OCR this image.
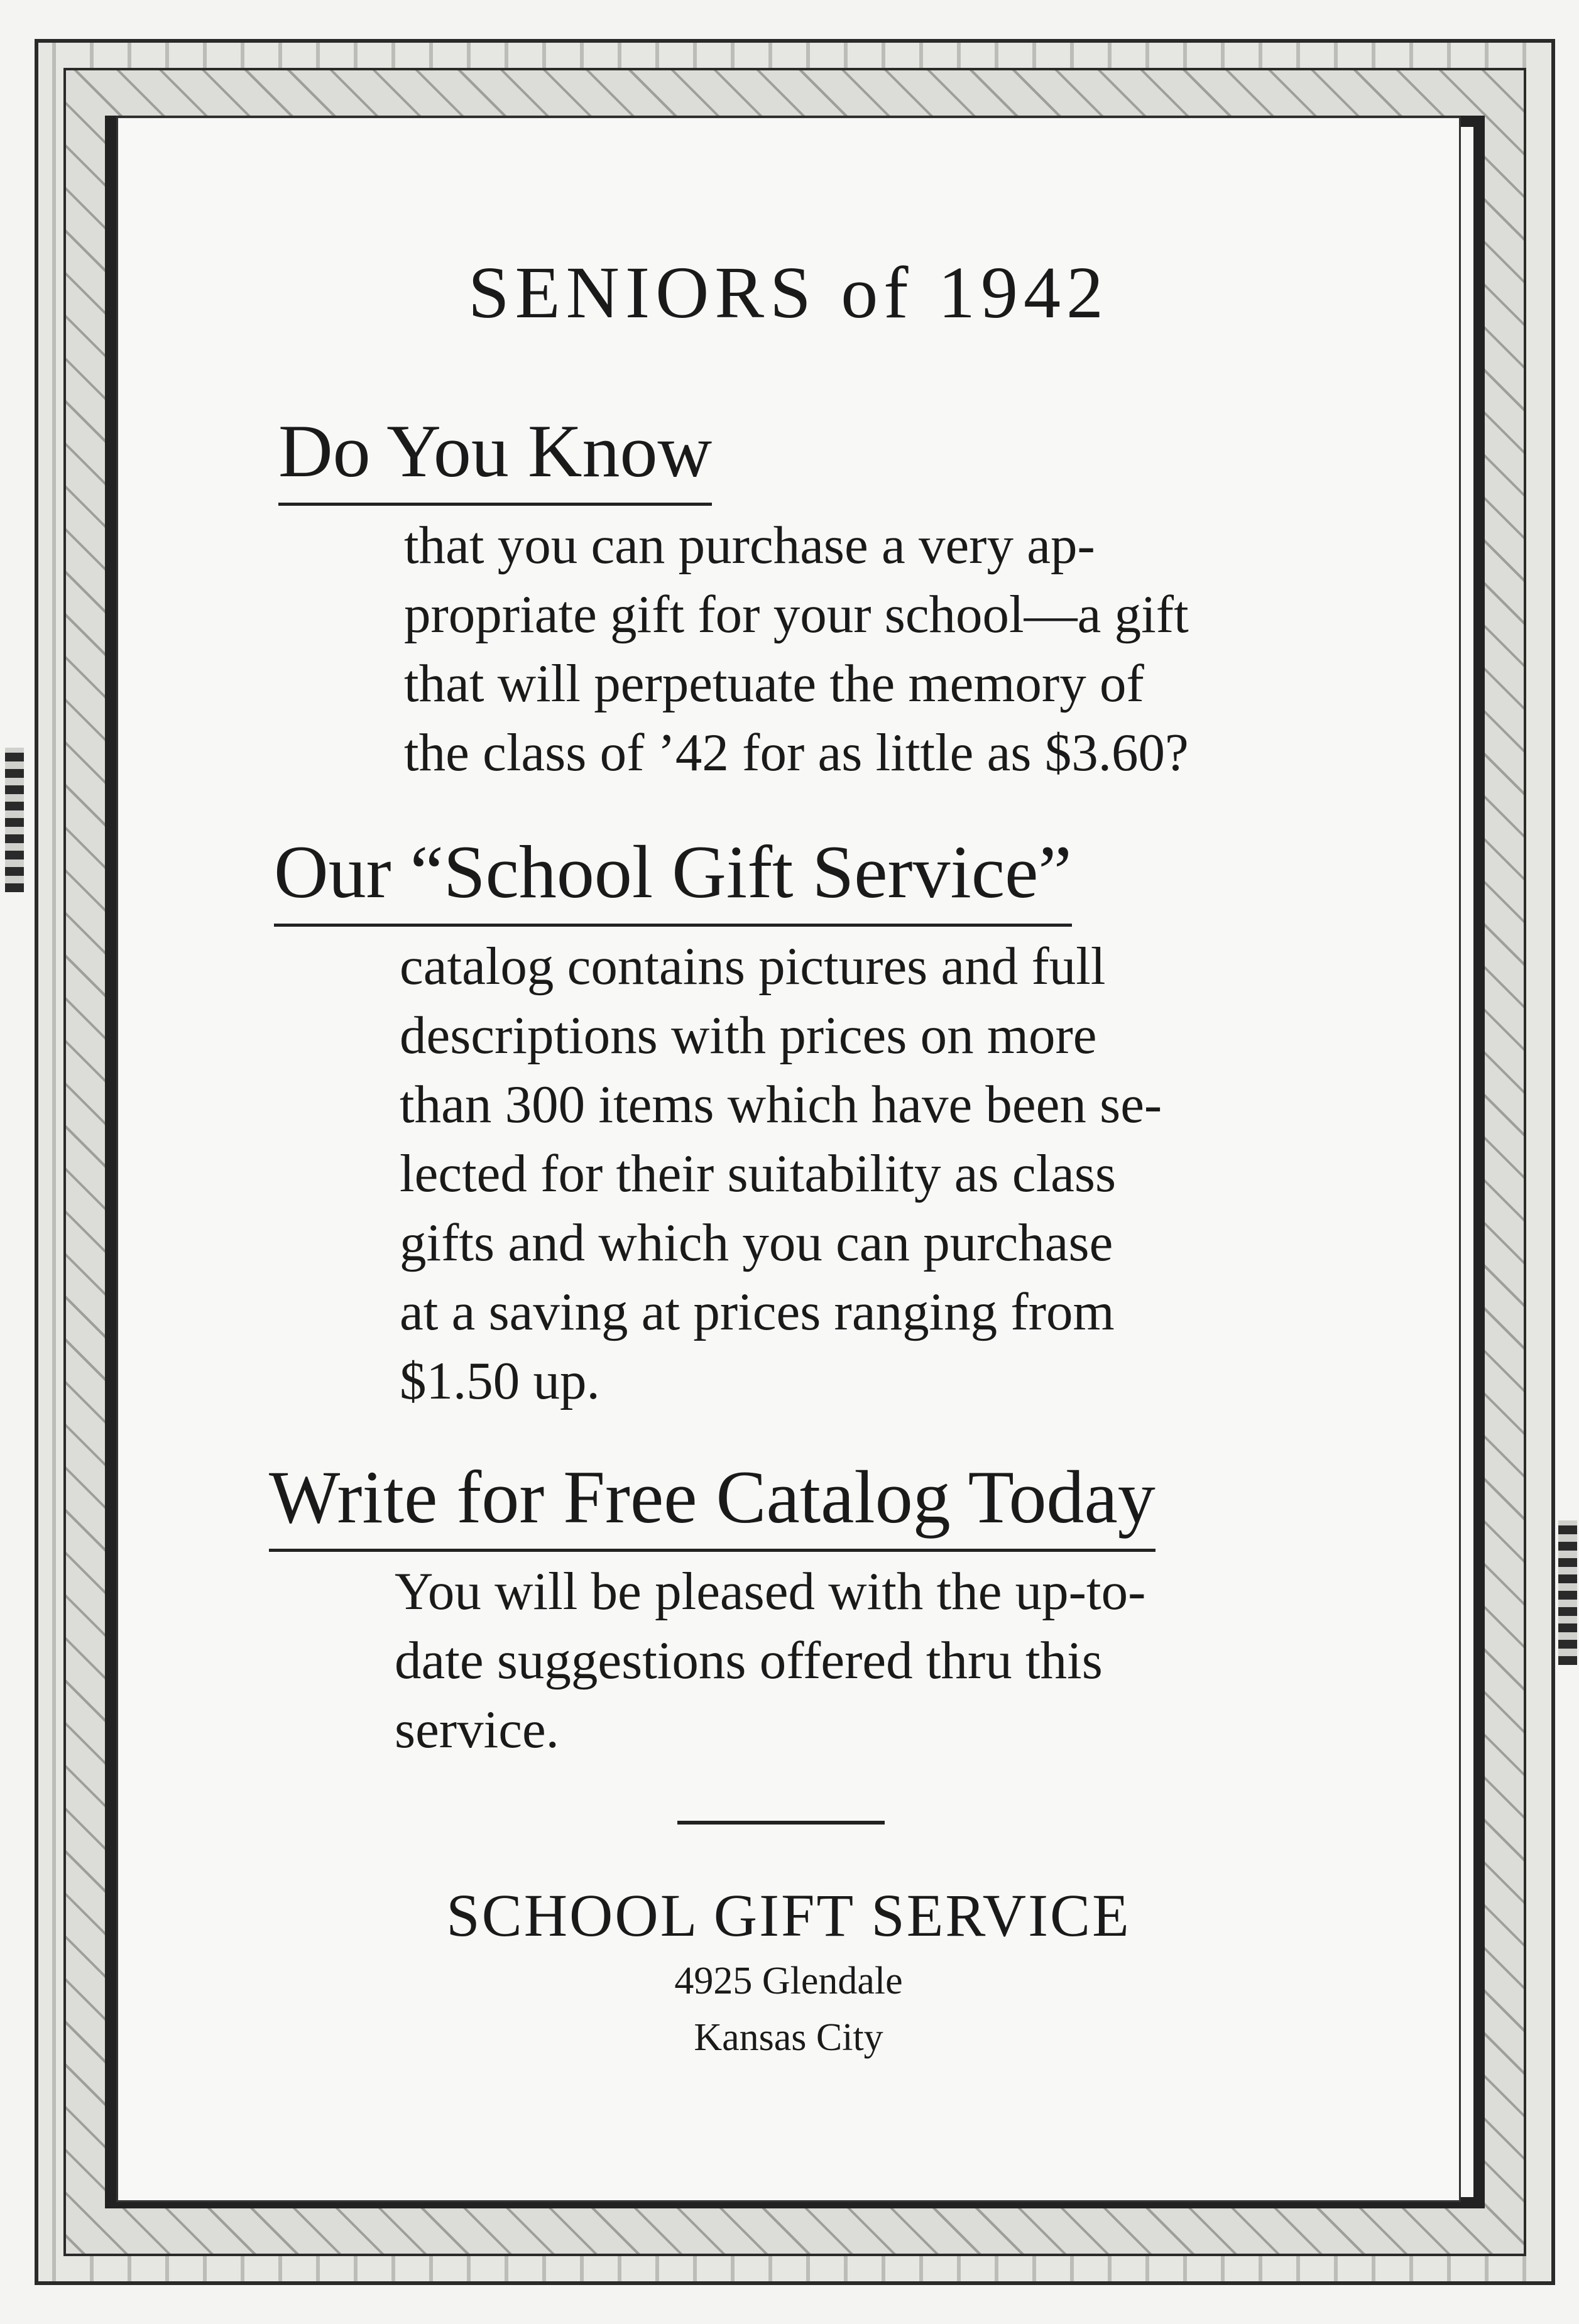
SENIORS of 1942
Do You Know
that you can purchase a very ap-
propriate gift for your school—a gift
that will perpetuate the memory of
the class of ’42 for as little as $3.60?
Our “School Gift Service”
catalog contains pictures and full
descriptions with prices on more
than 300 items which have been se-
lected for their suitability as class
gifts and which you can purchase
at a saving at prices ranging from
$1.50 up.
Write for Free Catalog Today
You will be pleased with the up-to-
date suggestions offered thru this
service.

SCHOOL GIFT SERVICE

4925 Glendale

Kansas City
